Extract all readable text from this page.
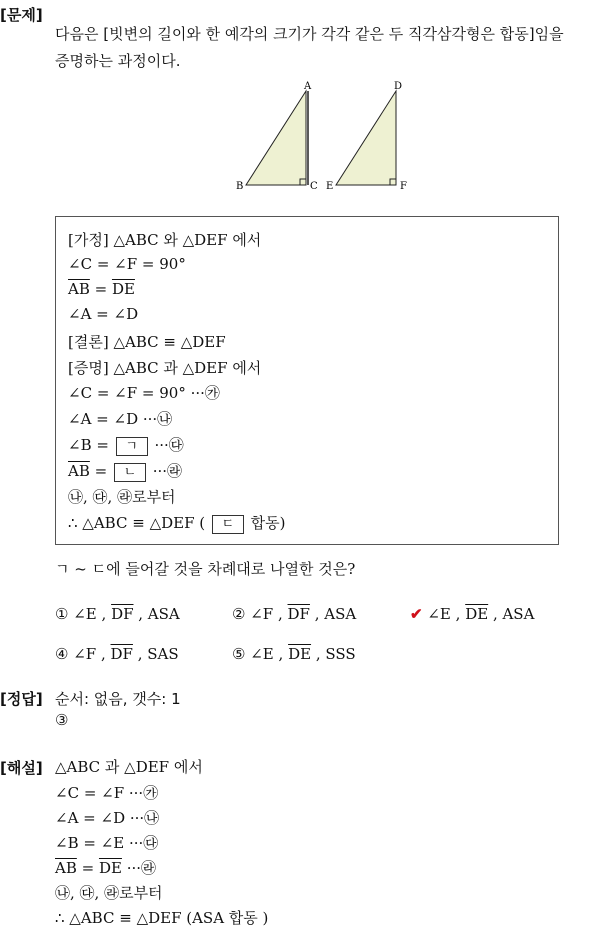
[문제]
[정답]
[해설]
다음은 [빗변의 길이와 한 예각의 크기가 각각 같은 두 직각삼각형은 합동]임을
증명하는 과정이다.
A
B	C
D
E	F
[가정] △ABC 와 △DEF 에서
∠C = ∠F = 90°
$\overline{AB} = \overline{DE}$
∠A = ∠D
[결론] △ABC ≡ △DEF
[증명] △ABC 과 △DEF 에서
∠C = ∠F = 90° ···㉮
∠A = ∠D ···㉯
∠B = ㄱ ···㉰
$\overline{AB}$ = ㄴ ···㉱
㉯, ㉰, ㉱로부터
∴ △ABC ≡ △DEF ( ㄷ 합동)
ㄱ ~ ㄷ에 들어갈 것을 차례대로 나열한 것은?
① ∠E , $\overline{DF}$ , ASA	② ∠F , $\overline{DF}$ , ASA	✔ ∠E , $\overline{DE}$ , ASA
④ ∠F , $\overline{DF}$ , SAS	⑤ ∠E , $\overline{DE}$ , SSS
순서: 없음, 갯수: 1
③
△ABC 과 △DEF 에서
∠C = ∠F ···㉮
∠A = ∠D ···㉯
∠B = ∠E ···㉰
$\overline{AB} = \overline{DE}$ ···㉱
㉯, ㉰, ㉱로부터
∴ △ABC ≡ △DEF (ASA 합동 )
